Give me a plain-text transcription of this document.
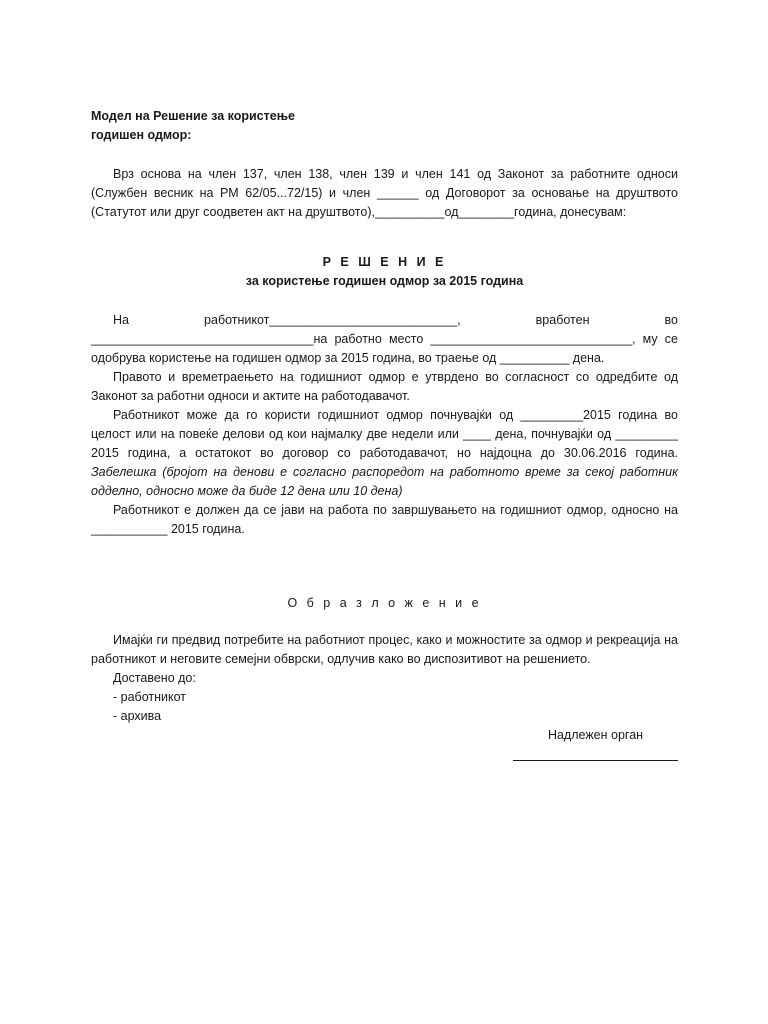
Модел на Решение за користење

годишен одмор:

Врз основа на член 137, член 138, член 139 и член 141 од Законот за работните односи (Службен весник на РМ 62/05...72/15) и член ______ од Договорот за основање на друштвото (Статутот или друг соодветен акт на друштвото),__________од________година, донесувам:

Р Е Ш Е Н И Е

за користење годишен одмор за 2015 година

На	работникот___________________________,	вработен	во

________________________________на работно место _____________________________, му се одобрува користење на годишен одмор за 2015 година, во траење од __________ дена.

Правото и времетраењето на годишниот одмор е утврдено во согласност со одредбите од Законот за работни односи и актите на работодавачот.

Работникот може да го користи годишниот одмор почнувајќи од _________2015 година во целост или на повеќе делови од кои најмалку две недели или ____ дена, почнувајќи од _________ 2015 година, а остатокот во договор со работодавачот, но најдоцна до 30.06.2016 година. Забелешка (бројот на денови е согласно распоредот на работното време за секој работник одделно, односно може да биде 12 дена или 10 дена)

Работникот е должен да се јави на работа по завршувањето на годишниот одмор, односно на ___________ 2015 година.

О б р а з л о ж е н и е

Имајќи ги предвид потребите на работниот процес, како и можностите за одмор и рекреација на работникот и неговите семејни обврски, одлучив како во диспозитивот на решението.

Доставено до:

- работникот

- архива

Надлежен орган
